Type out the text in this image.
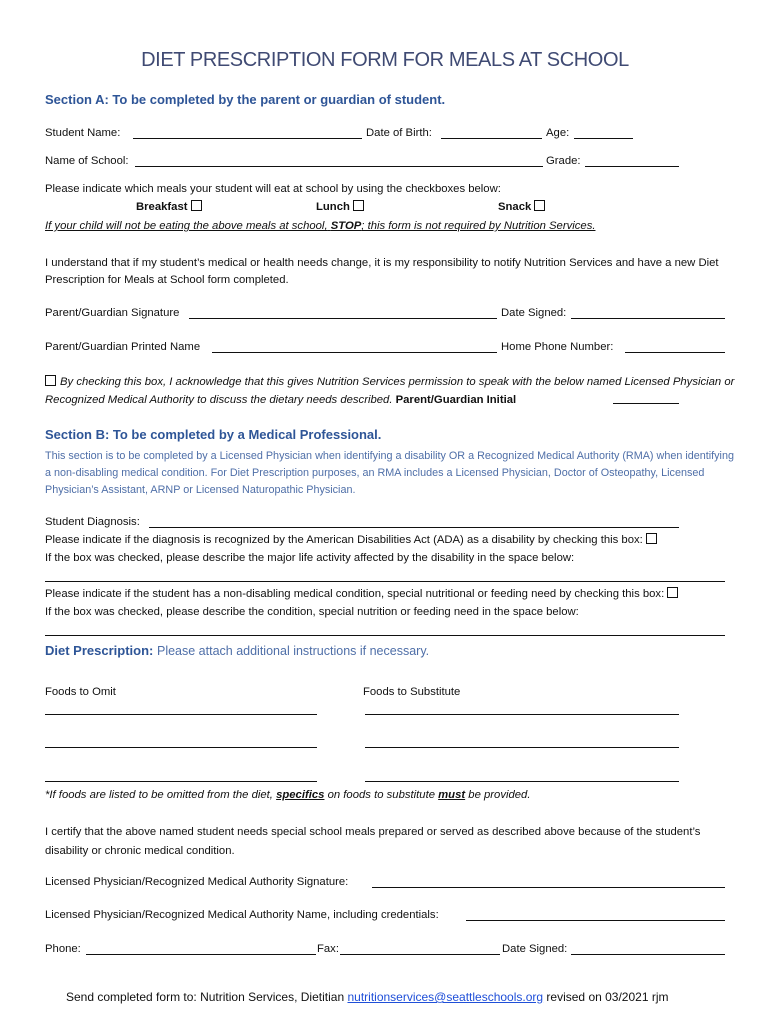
DIET PRESCRIPTION FORM FOR MEALS AT SCHOOL
Section A: To be completed by the parent or guardian of student.
Student Name:	Date of Birth:	Age:
Name of School:	Grade:
Please indicate which meals your student will eat at school by using the checkboxes below:
Breakfast	Lunch	Snack
If your child will not be eating the above meals at school, STOP; this form is not required by Nutrition Services.
I understand that if my student’s medical or health needs change, it is my responsibility to notify Nutrition Services and have a new Diet Prescription for Meals at School form completed.
Parent/Guardian Signature	Date Signed:
Parent/Guardian Printed Name	Home Phone Number:
By checking this box, I acknowledge that this gives Nutrition Services permission to speak with the below named Licensed Physician or Recognized Medical Authority to discuss the dietary needs described. Parent/Guardian Initial
Section B: To be completed by a Medical Professional.
This section is to be completed by a Licensed Physician when identifying a disability OR a Recognized Medical Authority (RMA) when identifying a non-disabling medical condition. For Diet Prescription purposes, an RMA includes a Licensed Physician, Doctor of Osteopathy, Licensed Physician’s Assistant, ARNP or Licensed Naturopathic Physician.
Student Diagnosis:
Please indicate if the diagnosis is recognized by the American Disabilities Act (ADA) as a disability by checking this box:
If the box was checked, please describe the major life activity affected by the disability in the space below:
Please indicate if the student has a non-disabling medical condition, special nutritional or feeding need by checking this box:
If the box was checked, please describe the condition, special nutrition or feeding need in the space below:
Diet Prescription: Please attach additional instructions if necessary.
Foods to Omit	Foods to Substitute
*If foods are listed to be omitted from the diet, specifics on foods to substitute must be provided.
I certify that the above named student needs special school meals prepared or served as described above because of the student’s disability or chronic medical condition.
Licensed Physician/Recognized Medical Authority Signature:
Licensed Physician/Recognized Medical Authority Name, including credentials:
Phone:	Fax:	Date Signed:
Send completed form to: Nutrition Services, Dietitian nutritionservices@seattleschools.org revised on 03/2021 rjm
